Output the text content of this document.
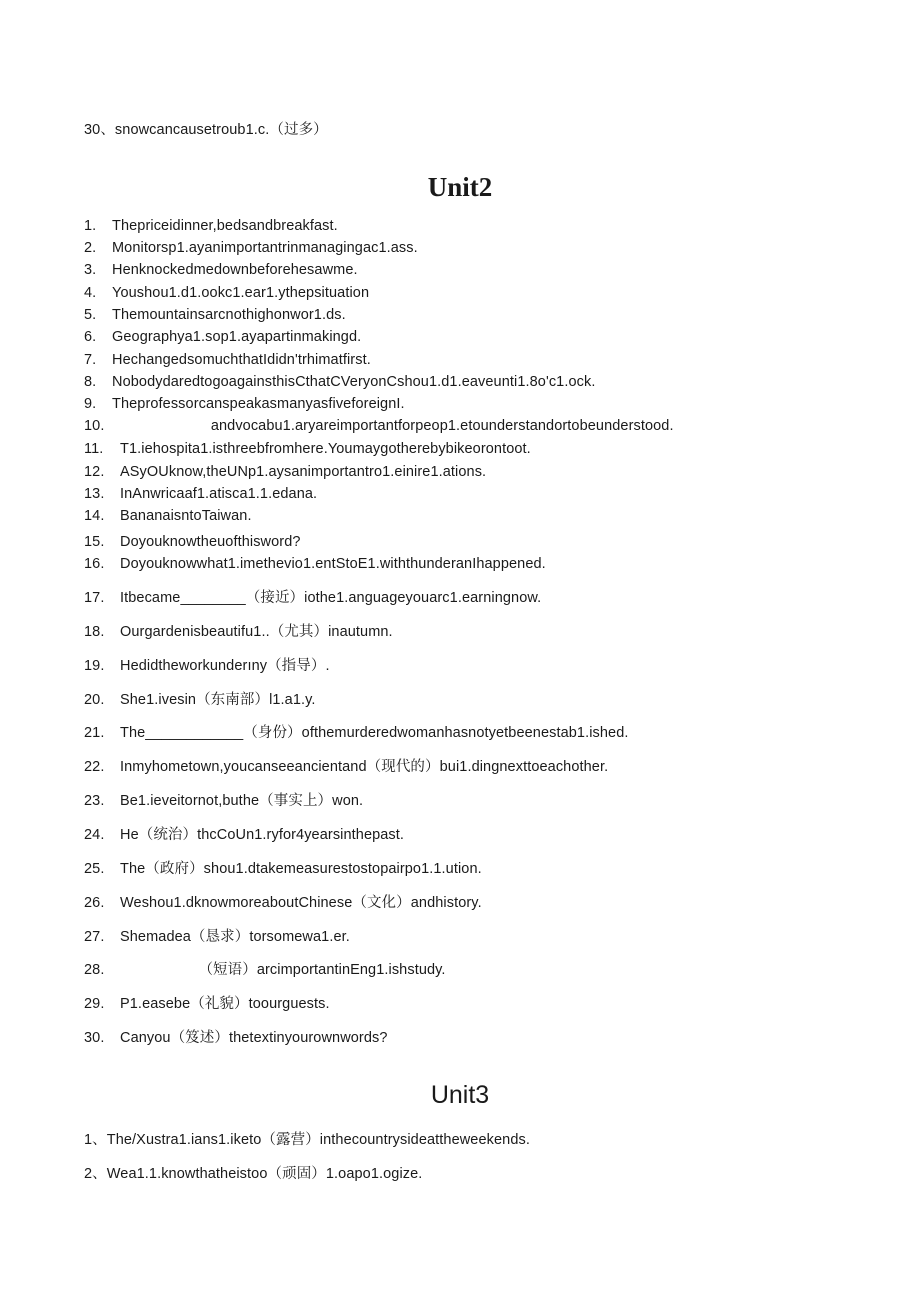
30、snowcancausetroub1.c.（过多）
Unit2
1. Thepriceidinner,bedsandbreakfast.
2. Monitorsp1.ayanimportantrinmanagingac1.ass.
3. Henknockedmedownbeforehesawme.
4. Youshou1.d1.ookc1.ear1.ythepsituation
5. Themountainsarcnothighonwor1.ds.
6. Geographya1.sop1.ayapartinmakingd.
7. HechangedsomuchthatIdidn'trhimatfirst.
8. NobodydaredtogoagainsthisCthatCVeryonCshou1.d1.eaveunti1.8o'c1.ock.
9. TheprofessorcanspeakasmanyasfiveforeignI.
10.                      andvocabu1.aryareimportantforpeop1.etounderstandortobeunderstood.
11. T1.iehospita1.isthreebfromhere.Youmaygotherebybikeorontoot.
12. ASyOUknow,theUNp1.aysanimportantro1.einire1.ations.
13. InAnwricaaf1.atisca1.1.edana.
14. BananaisntoTaiwan.
15. Doyouknowtheuofthisword?
16. Doyouknowwhat1.imethevio1.entStoE1.withthunderanIhappened.
17. Itbecame________（接近）iothe1.anguageyouarc1.earningnow.
18. Ourgardenisbeautifu1..（尤其）inautumn.
19. Hedidtheworkunderıny（指导）.
20. She1.ivesin（东南部）l1.a1.y.
21. The____________（身份）ofthemurderedwomanhasnotyetbeenestab1.ished.
22. Inmyhometown,youcanseeancientand（现代的）bui1.dingnexttoeachother.
23. Be1.ieveitornot,buthe（事实上）won.
24. He（统治）thcCoUn1.ryfor4yearsinthepast.
25. The（政府）shou1.dtakemeasurestostopairpo1.1.ution.
26. Weshou1.dknowmoreaboutChinese（文化）andhistory.
27. Shemadea（恳求）torsomewa1.er.
28.                   （短语）arcimportantinEng1.ishstudy.
29. P1.easebe（礼貌）toourguests.
30. Canyou（笈述）thetextinyourownwords?
Unit3
1、The/Xustra1.ians1.iketo（露营）inthecountrysideattheweekends.
2、Wea1.1.knowthatheistoo（顽固）1.oapo1.ogize.
